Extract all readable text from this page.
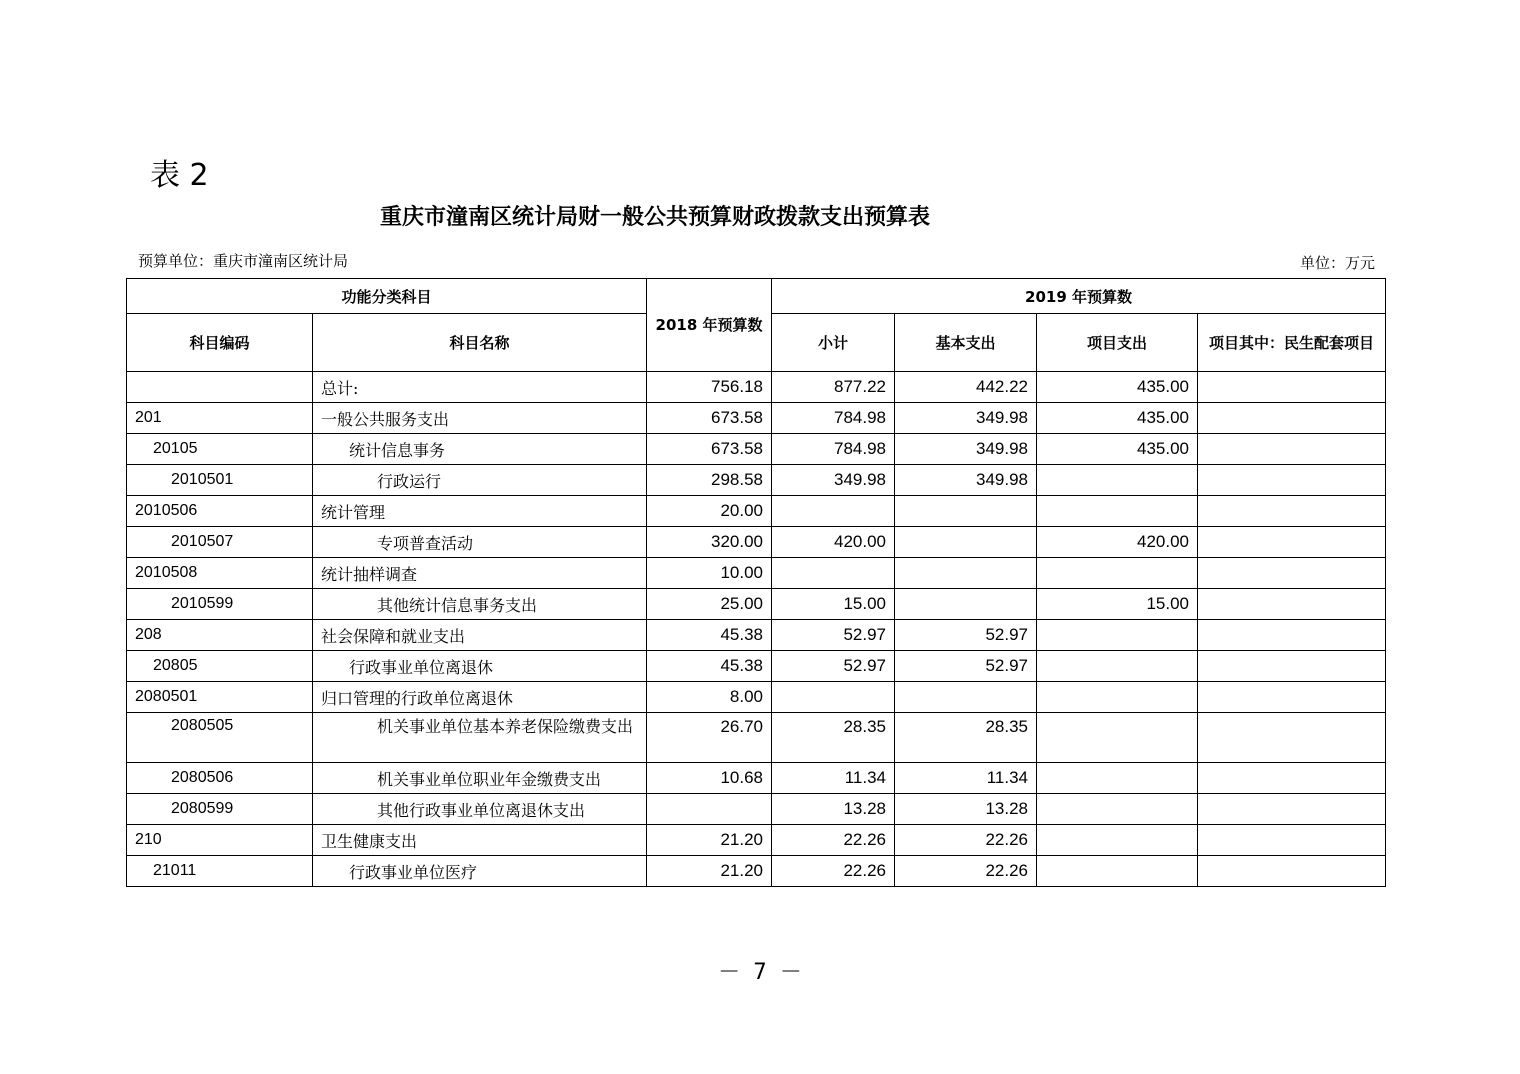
表 2
重庆市潼南区统计局财一般公共预算财政拨款支出预算表
预算单位：重庆市潼南区统计局	单位：万元
功能分类科目		2018 年预算数	2019 年预算数			
科目编码	科目名称		小计	基本支出	项目支出	项目其中：民生配套项目
	总计:	756.18	877.22	442.22	435.00	
201	一般公共服务支出	673.58	784.98	349.98	435.00	
20105	统计信息事务	673.58	784.98	349.98	435.00	
2010501	行政运行	298.58	349.98	349.98		
2010506	统计管理	20.00				
2010507	专项普查活动	320.00	420.00		420.00	
2010508	统计抽样调查	10.00				
2010599	其他统计信息事务支出	25.00	15.00		15.00	
208	社会保障和就业支出	45.38	52.97	52.97		
20805	行政事业单位离退休	45.38	52.97	52.97		
2080501	归口管理的行政单位离退休	8.00				
2080505	机关事业单位基本养老保险缴费支出	26.70	28.35	28.35		
2080506	机关事业单位职业年金缴费支出	10.68	11.34	11.34		
2080599	其他行政事业单位离退休支出		13.28	13.28		
210	卫生健康支出	21.20	22.26	22.26		
21011	行政事业单位医疗	21.20	22.26	22.26		
－ 7 －
